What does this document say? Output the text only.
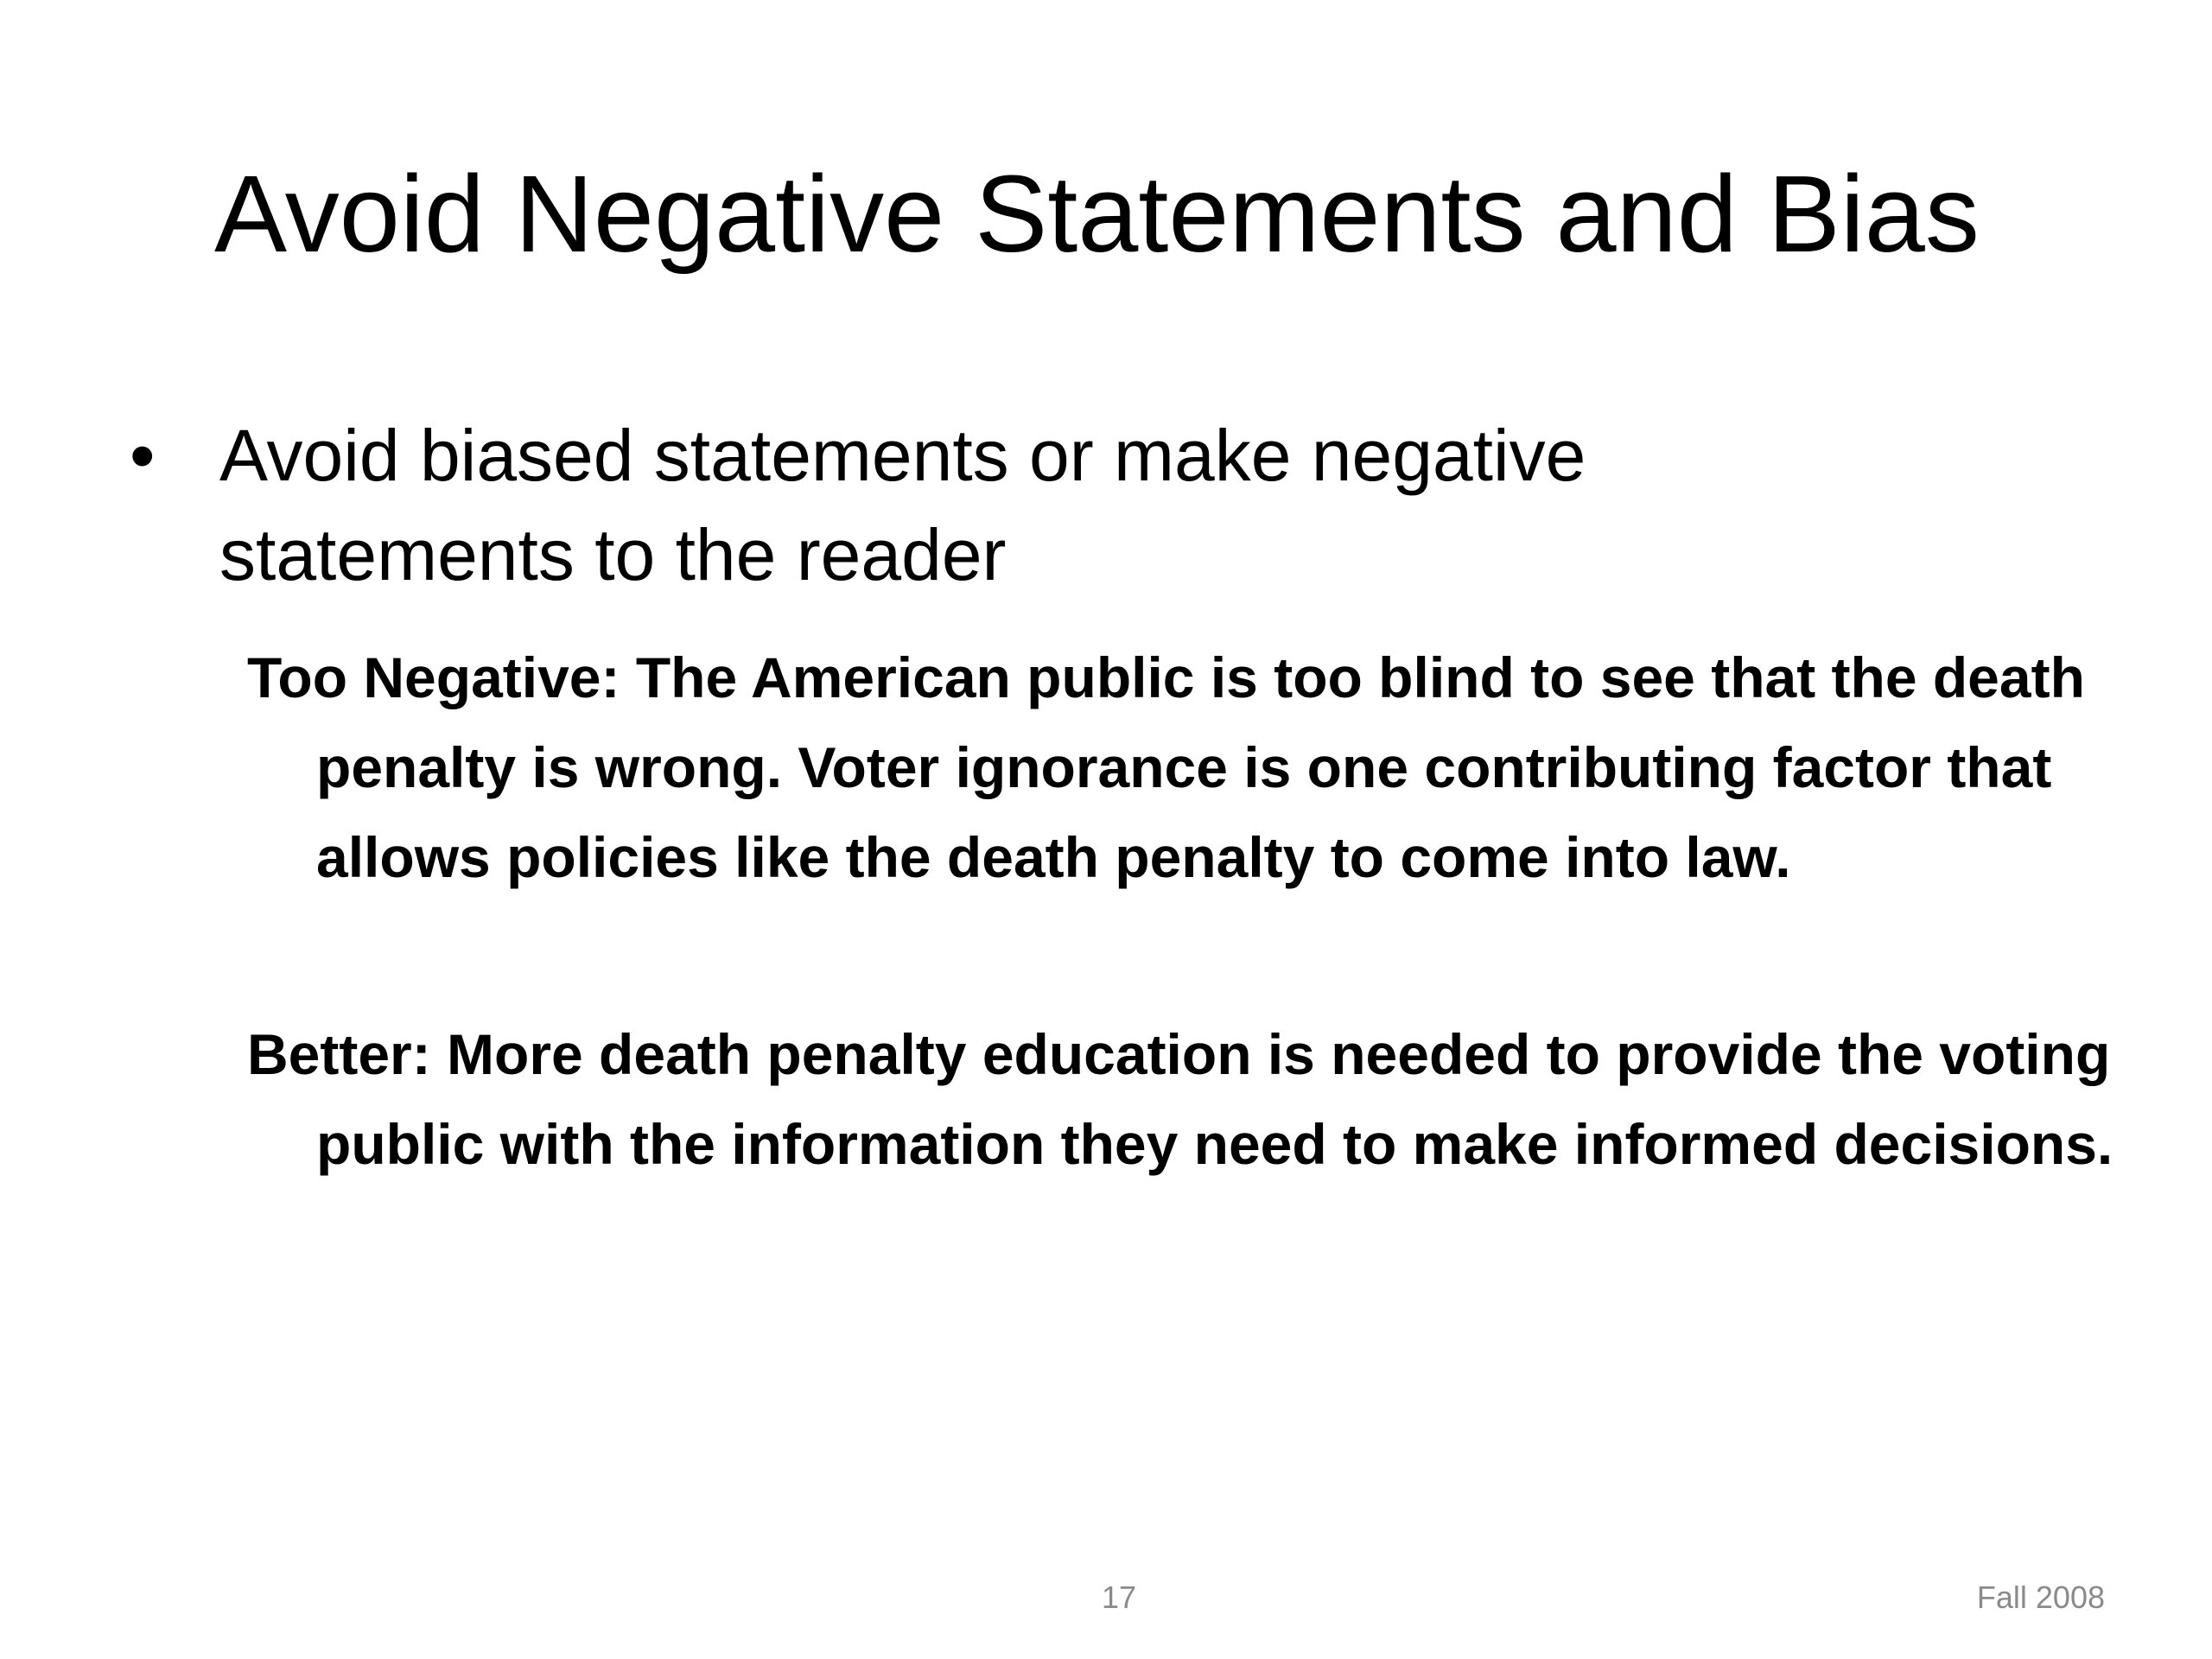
Avoid Negative Statements and Bias
• Avoid biased statements or make negative
statements to the reader
Too Negative: The American public is too blind to see that the death penalty is wrong. Voter ignorance is one contributing factor that allows policies like the death penalty to come into law.
Better: More death penalty education is needed to provide the voting public with the information they need to make informed decisions.
17	Fall 2008
